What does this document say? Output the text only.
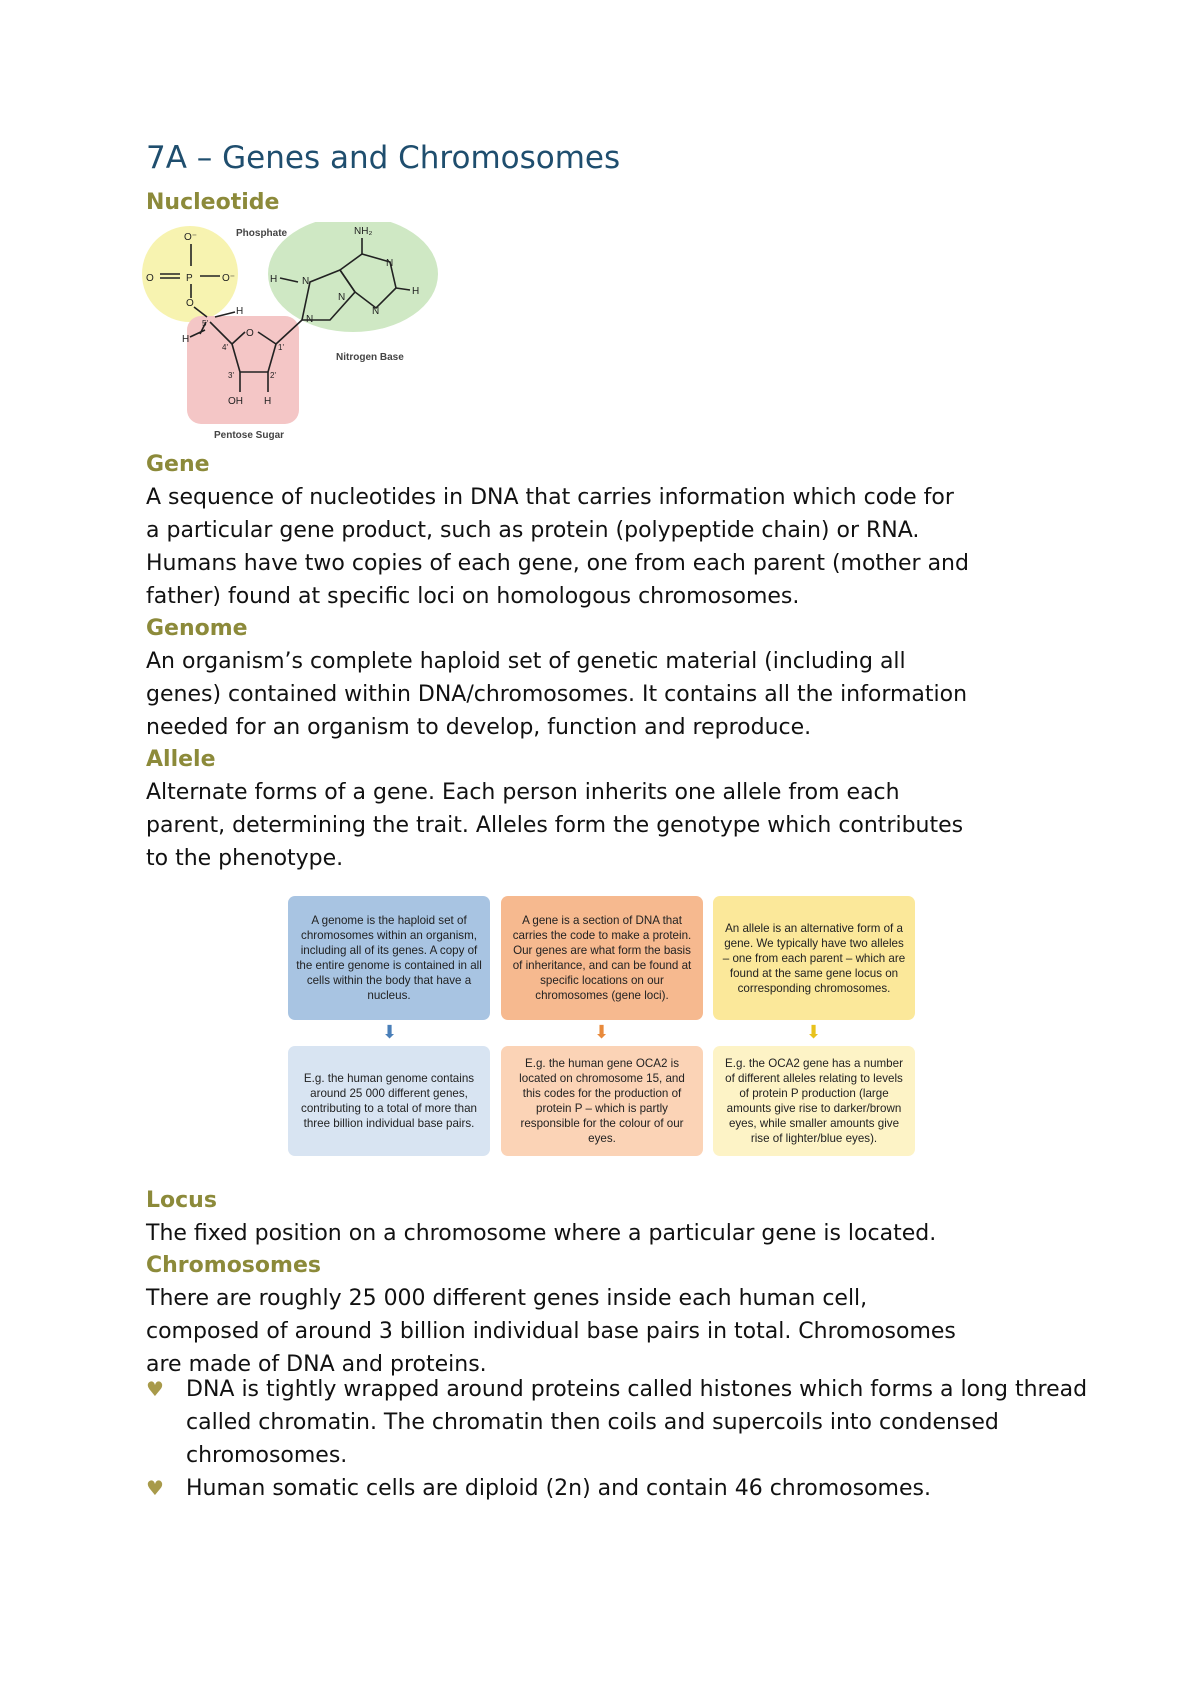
7A – Genes and Chromosomes
Nucleotide
O⁻
O	P	O⁻
O
5'
H
H
4'
O
1'
3'	2'
OH H
NH₂
N
N
N
N
N
H
H
Phosphate
Nitrogen Base
Pentose Sugar
Gene

A sequence of nucleotides in DNA that carries information which code for
a particular gene product, such as protein (polypeptide chain) or RNA.
Humans have two copies of each gene, one from each parent (mother and
father) found at specific loci on homologous chromosomes.

Genome

An organism’s complete haploid set of genetic material (including all
genes) contained within DNA/chromosomes. It contains all the information
needed for an organism to develop, function and reproduce.

Allele

Alternate forms of a gene. Each person inherits one allele from each
parent, determining the trait. Alleles form the genotype which contributes
to the phenotype.

A genome is the haploid set of chromosomes within an organism, including all of its genes. A copy of the entire genome is contained in all cells within the body that have a nucleus.
A gene is a section of DNA that carries the code to make a protein. Our genes are what form the basis of inheritance, and can be found at specific locations on our chromosomes (gene loci).
An allele is an alternative form of a gene. We typically have two alleles – one from each parent – which are found at the same gene locus on corresponding chromosomes.
⬇	⬇	⬇
E.g. the human genome contains around 25 000 different genes, contributing to a total of more than three billion individual base pairs.
E.g. the human gene OCA2 is located on chromosome 15, and this codes for the production of protein P – which is partly responsible for the colour of our eyes.
E.g. the OCA2 gene has a number of different alleles relating to levels of protein P production (large amounts give rise to darker/brown eyes, while smaller amounts give rise of lighter/blue eyes).
Locus

The fixed position on a chromosome where a particular gene is located.

Chromosomes

There are roughly 25 000 different genes inside each human cell,
composed of around 3 billion individual base pairs in total. Chromosomes
are made of DNA and proteins.

♥ DNA is tightly wrapped around proteins called histones which forms a long thread called chromatin. The chromatin then coils and supercoils into condensed chromosomes.
♥ Human somatic cells are diploid (2n) and contain 46 chromosomes.
